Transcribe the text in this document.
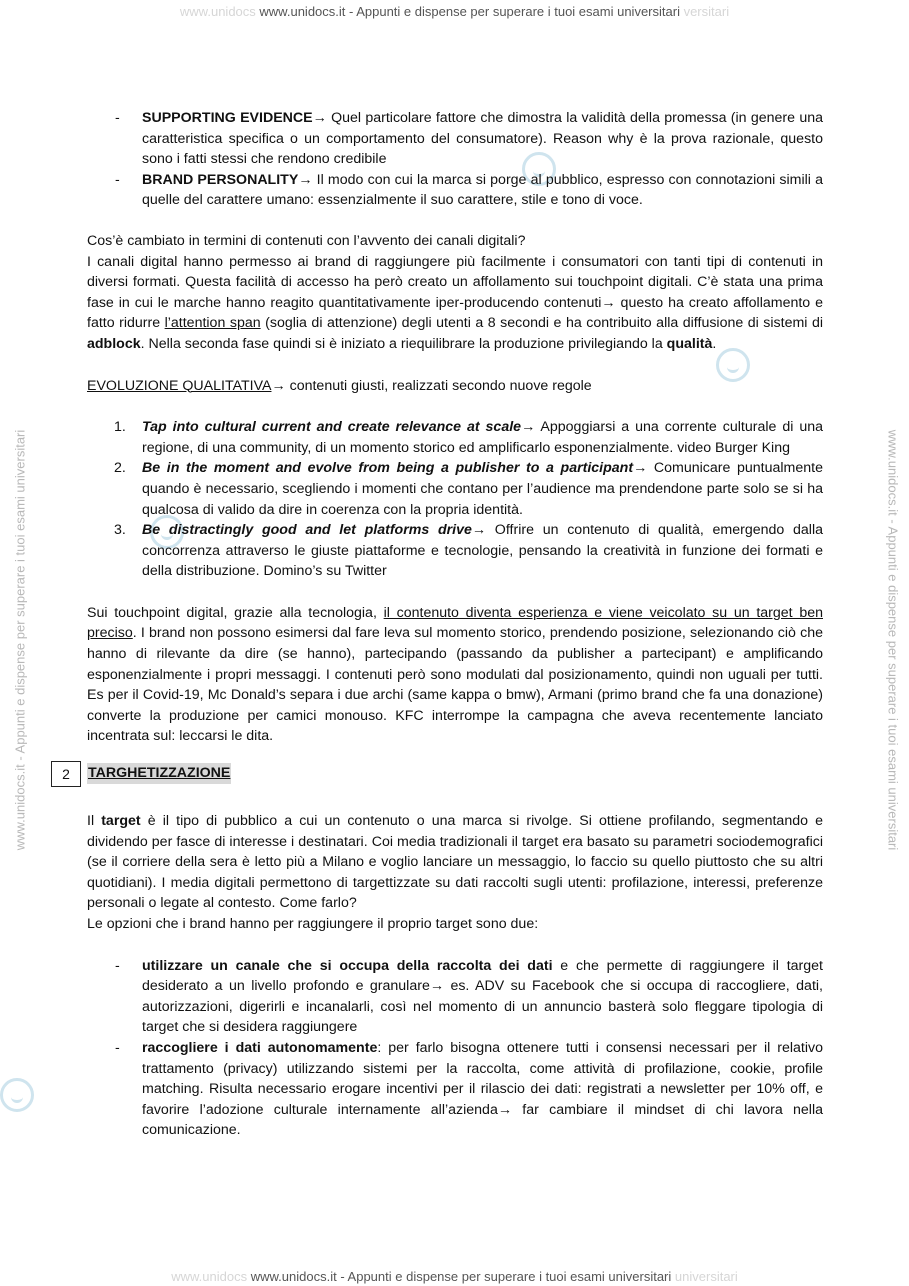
www.unidocs www.unidocs.it - Appunti e dispense per superare i tuoi esami universitari versitari
www.unidocs www.unidocs.it - Appunti e dispense per superare i tuoi esami universitari universitari
www.unidocs.it - Appunti e dispense per superare i tuoi esami universitari	www.unidocs.it - Appunti e dispense per superare i tuoi esami universitari
- SUPPORTING EVIDENCE→ Quel particolare fattore che dimostra la validità della promessa (in genere una caratteristica specifica o un comportamento del consumatore). Reason why è la prova razionale, questo sono i fatti stessi che rendono credibile
- BRAND PERSONALITY→ Il modo con cui la marca si porge al pubblico, espresso con connotazioni simili a quelle del carattere umano: essenzialmente il suo carattere, stile e tono di voce.

Cos’è cambiato in termini di contenuti con l’avvento dei canali digitali?

I canali digital hanno permesso ai brand di raggiungere più facilmente i consumatori con tanti tipi di contenuti in diversi formati. Questa facilità di accesso ha però creato un affollamento sui touchpoint digitali. C’è stata una prima fase in cui le marche hanno reagito quantitativamente iper-producendo contenuti→ questo ha creato affollamento e fatto ridurre l’attention span (soglia di attenzione) degli utenti a 8 secondi e ha contribuito alla diffusione di sistemi di adblock. Nella seconda fase quindi si è iniziato a riequilibrare la produzione privilegiando la qualità.

EVOLUZIONE QUALITATIVA→ contenuti giusti, realizzati secondo nuove regole

1. Tap into cultural current and create relevance at scale→ Appoggiarsi a una corrente culturale di una regione, di una community, di un momento storico ed amplificarlo esponenzialmente. video Burger King
2. Be in the moment and evolve from being a publisher to a participant→ Comunicare puntualmente quando è necessario, scegliendo i momenti che contano per l’audience ma prendendone parte solo se si ha qualcosa di valido da dire in coerenza con la propria identità.
3. Be distractingly good and let platforms drive→ Offrire un contenuto di qualità, emergendo dalla concorrenza attraverso le giuste piattaforme e tecnologie, pensando la creatività in funzione dei formati e della distribuzione. Domino’s su Twitter

Sui touchpoint digital, grazie alla tecnologia, il contenuto diventa esperienza e viene veicolato su un target ben preciso. I brand non possono esimersi dal fare leva sul momento storico, prendendo posizione, selezionando ciò che hanno di rilevante da dire (se hanno), partecipando (passando da publisher a partecipant) e amplificando esponenzialmente i propri messaggi. I contenuti però sono modulati dal posizionamento, quindi non uguali per tutti. Es per il Covid-19, Mc Donald’s separa i due archi (same kappa o bmw), Armani (primo brand che fa una donazione) converte la produzione per camici monouso. KFC interrompe la campagna che aveva recentemente lanciato incentrata sul: leccarsi le dita.

2	TARGHETIZZAZIONE

Il target è il tipo di pubblico a cui un contenuto o una marca si rivolge. Si ottiene profilando, segmentando e dividendo per fasce di interesse i destinatari. Coi media tradizionali il target era basato su parametri sociodemografici (se il corriere della sera è letto più a Milano e voglio lanciare un messaggio, lo faccio su quello piuttosto che su altri quotidiani). I media digitali permettono di targettizzate su dati raccolti sugli utenti: profilazione, interessi, preferenze personali o legate al contesto. Come farlo?

Le opzioni che i brand hanno per raggiungere il proprio target sono due:

- utilizzare un canale che si occupa della raccolta dei dati e che permette di raggiungere il target desiderato a un livello profondo e granulare→ es. ADV su Facebook che si occupa di raccogliere, dati, autorizzazioni, digerirli e incanalarli, così nel momento di un annuncio basterà solo fleggare tipologia di target che si desidera raggiungere
- raccogliere i dati autonomamente: per farlo bisogna ottenere tutti i consensi necessari per il relativo trattamento (privacy) utilizzando sistemi per la raccolta, come attività di profilazione, cookie, profile matching. Risulta necessario erogare incentivi per il rilascio dei dati: registrati a newsletter per 10% off, e favorire l’adozione culturale internamente all’azienda→ far cambiare il mindset di chi lavora nella comunicazione.
